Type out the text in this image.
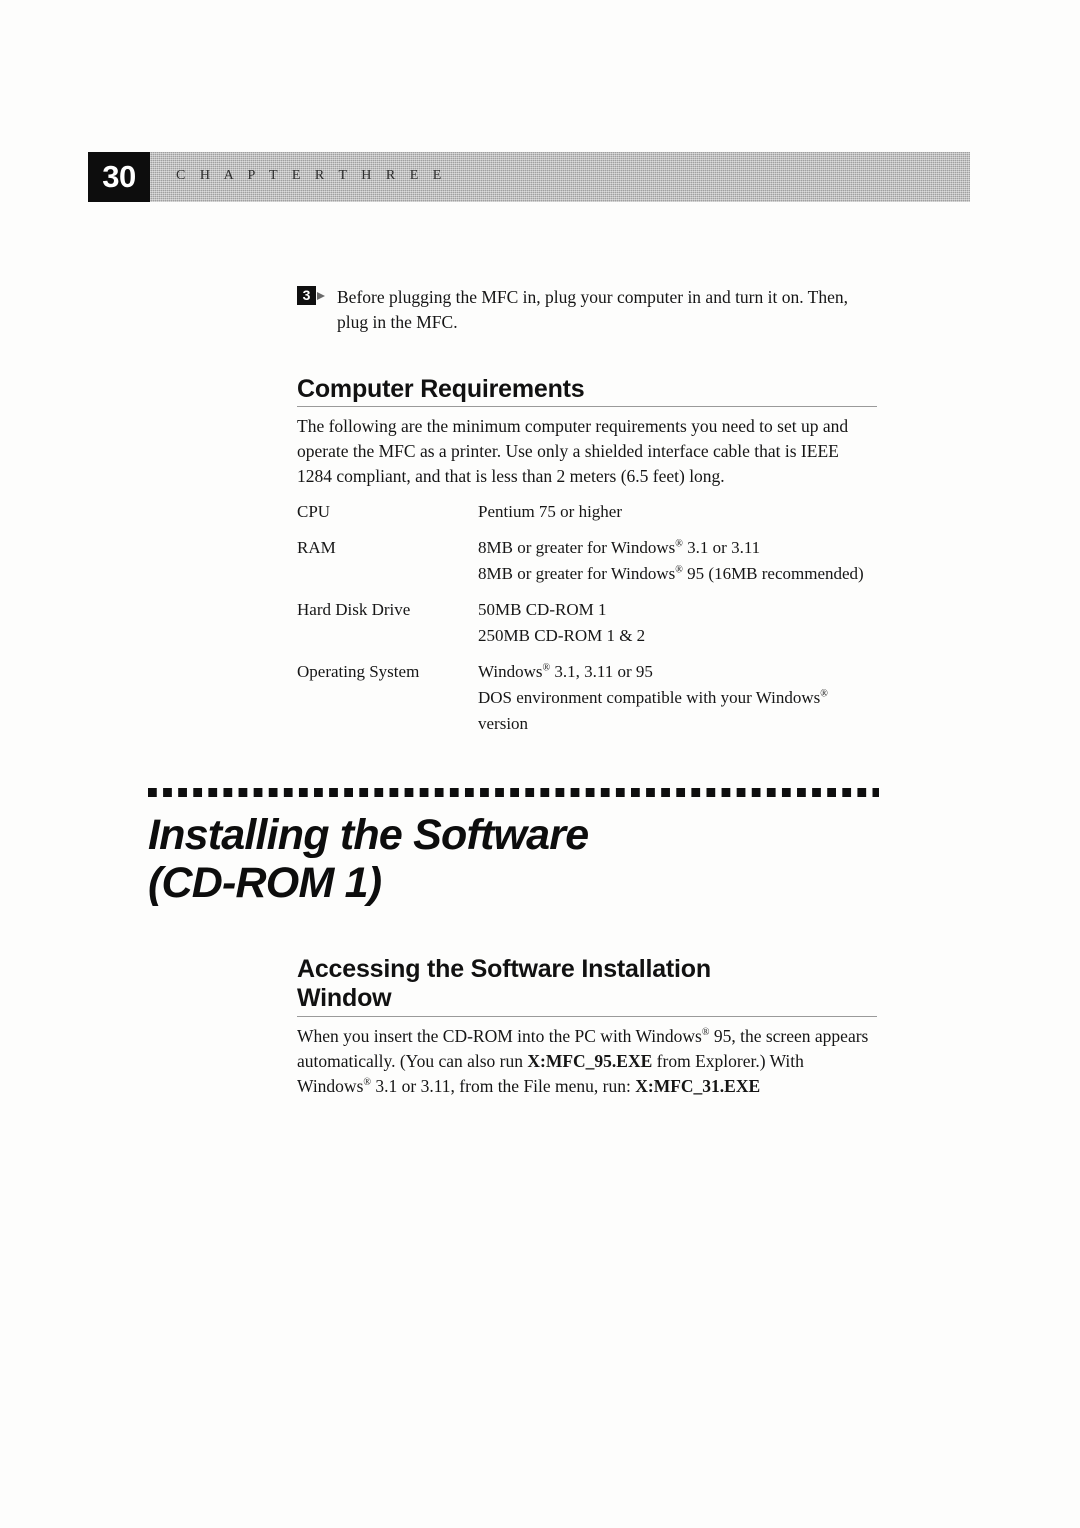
30	C H A P T E R T H R E E
3	Before plugging the MFC in, plug your computer in and turn it on. Then, plug in the MFC.
Computer Requirements

The following are the minimum computer requirements you need to set up and operate the MFC as a printer. Use only a shielded interface cable that is IEEE 1284 compliant, and that is less than 2 meters (6.5 feet) long.

CPU	Pentium 75 or higher
RAM	8MB or greater for Windows® 3.1 or 3.11
8MB or greater for Windows® 95 (16MB recommended)
Hard Disk Drive	50MB CD-ROM 1
250MB CD-ROM 1 & 2
Operating System	Windows® 3.1, 3.11 or 95
DOS environment compatible with your Windows®
version
Installing the Software
(CD-ROM 1)
Accessing the Software Installation
Window

When you insert the CD-ROM into the PC with Windows® 95, the screen appears automatically. (You can also run X:MFC_95.EXE from Explorer.) With Windows® 3.1 or 3.11, from the File menu, run: X:MFC_31.EXE
